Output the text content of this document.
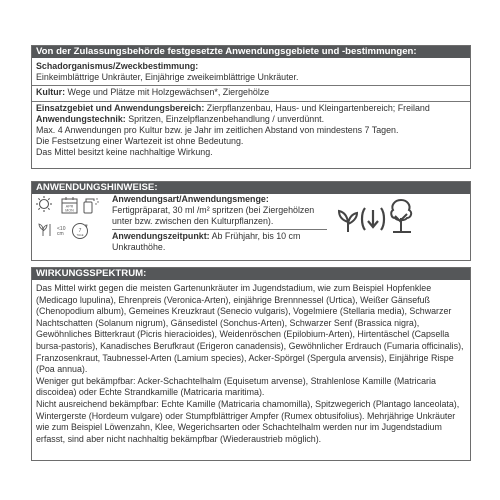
Von der Zulassungsbehörde festgesetzte Anwendungsgebiete und -bestimmungen:

Schadorganismus/Zweckbestimmung:

Einkeimblättrige Unkräuter, Einjährige zweikeimblättrige Unkräuter.

Kultur: Wege und Plätze mit Holzgewächsen*, Ziergehölze

Einsatzgebiet und Anwendungsbereich: Zierpflanzenbau, Haus- und Kleingartenbereich; Freiland

Anwendungstechnik: Spritzen, Einzelpflanzenbehandlung / unverdünnt.

Max. 4 Anwendungen pro Kultur bzw. je Jahr im zeitlichen Abstand von mindestens 7 Tagen.

Die Festsetzung einer Wartezeit ist ohne Bedeutung.

Das Mittel besitzt keine nachhaltige Wirkung.

ANWENDUNGSHINWEISE:
APR
MON
<10
cm	7
TAGE

Anwendungsart/Anwendungsmenge:

Fertigpräparat, 30 ml /m² spritzen (bei Ziergehölzen unter bzw. zwischen den Kulturpflanzen).

Anwendungszeitpunkt: Ab Frühjahr, bis 10 cm Unkrauthöhe.

WIRKUNGSSPEKTRUM:

Das Mittel wirkt gegen die meisten Gartenunkräuter im Jugendstadium, wie zum Beispiel Hopfenklee (Medicago lupulina), Ehrenpreis (Veronica-Arten), einjährige Brennnessel (Urtica), Weißer Gänsefuß (Chenopodium album), Gemeines Kreuzkraut (Senecio vulgaris), Vogelmiere (Stellaria media), Schwarzer Nachtschatten (Solanum nigrum), Gänsedistel (Sonchus-Arten), Schwarzer Senf (Brassica nigra), Gewöhnliches Bitterkraut (Picris hieracioides), Weidenröschen (Epilobium-Arten), Hirtentäschel (Capsella bursa-pastoris), Kanadisches Berufkraut (Erigeron canadensis), Gewöhnlicher Erdrauch (Fumaria officinalis), Franzosenkraut, Taubnessel-Arten (Lamium species), Acker-Spörgel (Spergula arvensis), Einjährige Rispe (Poa annua).

Weniger gut bekämpfbar: Acker-Schachtelhalm (Equisetum arvense), Strahlenlose Kamille (Matricaria discoidea) oder Echte Strandkamille (Matricaria maritima).

Nicht ausreichend bekämpfbar: Echte Kamille (Matricaria chamomilla), Spitzwegerich (Plantago lanceolata), Wintergerste (Hordeum vulgare) oder Stumpfblättriger Ampfer (Rumex obtusifolius). Mehrjährige Unkräuter wie zum Beispiel Löwenzahn, Klee, Wegerichsarten oder Schachtelhalm werden nur im Jugendstadium erfasst, sind aber nicht nachhaltig bekämpfbar (Wiederaustrieb möglich).
